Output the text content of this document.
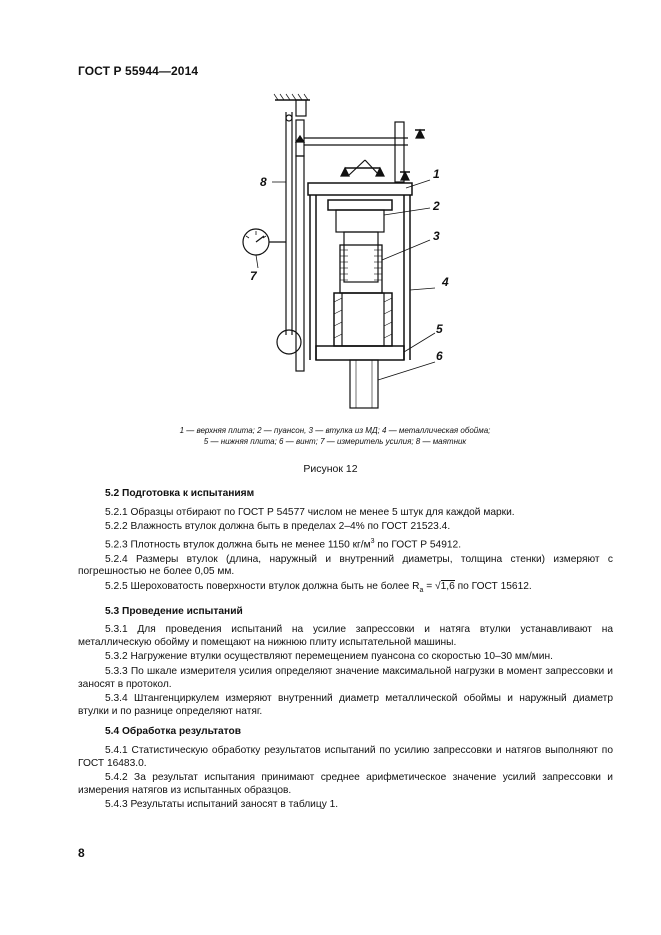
ГОСТ Р 55944—2014
1
2
3
4
5
6
7
8
1 — верхняя плита; 2 — пуансон, 3 — втулка из МД; 4 — металлическая обойма;
5 — нижняя плита; 6 — винт; 7 — измеритель усилия; 8 — маятник
Рисунок 12
5.2 Подготовка к испытаниям
5.2.1 Образцы отбирают по ГОСТ Р 54577 числом не менее 5 штук для каждой марки.
5.2.2 Влажность втулок должна быть в пределах 2–4% по ГОСТ 21523.4.
5.2.3 Плотность втулок должна быть не менее 1150 $кг/м^3$ по ГОСТ Р 54912.
5.2.4 Размеры втулок (длина, наружный и внутренний диаметры, толщина стенки) измеряют с погрешностью не более 0,05 мм.
5.2.5 Шероховатость поверхности втулок должна быть не более $R_a = √1,6$ по ГОСТ 15612.
5.3 Проведение испытаний
5.3.1 Для проведения испытаний на усилие запрессовки и натяга втулки устанавливают на металлическую обойму и помещают на нижнюю плиту испытательной машины.
5.3.2 Нагружение втулки осуществляют перемещением пуансона со скоростью 10–30 мм/мин.
5.3.3 По шкале измерителя усилия определяют значение максимальной нагрузки в момент запрессовки и заносят в протокол.
5.3.4 Штангенциркулем измеряют внутренний диаметр металлической обоймы и наружный диаметр втулки и по разнице определяют натяг.
5.4 Обработка результатов
5.4.1 Статистическую обработку результатов испытаний по усилию запрессовки и натягов выполняют по ГОСТ 16483.0.
5.4.2 За результат испытания принимают среднее арифметическое значение усилий запрессовки и измерения натягов из испытанных образцов.
5.4.3 Результаты испытаний заносят в таблицу 1.
8
